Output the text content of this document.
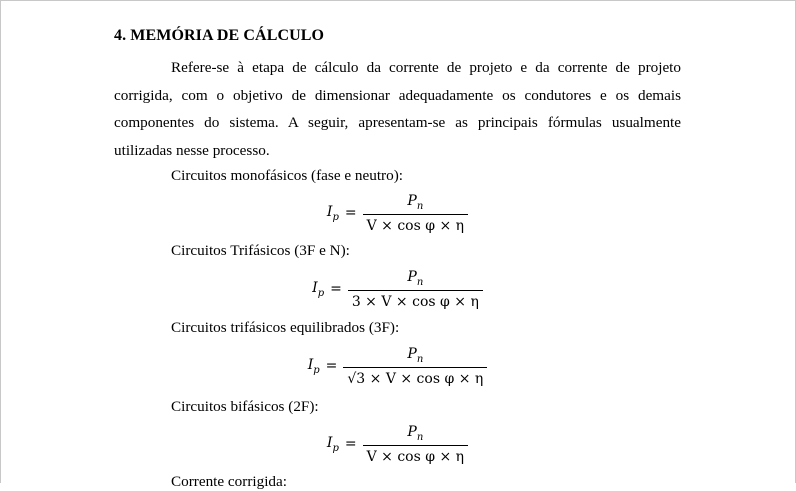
4. MEMÓRIA DE CÁLCULO
Refere-se à etapa de cálculo da corrente de projeto e da corrente de projeto corrigida, com o objetivo de dimensionar adequadamente os condutores e os demais componentes do sistema. A seguir, apresentam-se as principais fórmulas usualmente utilizadas nesse processo.
Circuitos monofásicos (fase e neutro):
$I_p = \frac{P_n}{\text{V × cos φ × η}}$
Circuitos Trifásicos (3F e N):
$I_p = \frac{P_n}{\text{3 × V × cos φ × η}}$
Circuitos trifásicos equilibrados (3F):
$I_p = \frac{P_n}{\text{√3 × V × cos φ × η}}$
Circuitos bifásicos (2F):
$I_p = \frac{P_n}{\text{V × cos φ × η}}$
Corrente corrigida:
